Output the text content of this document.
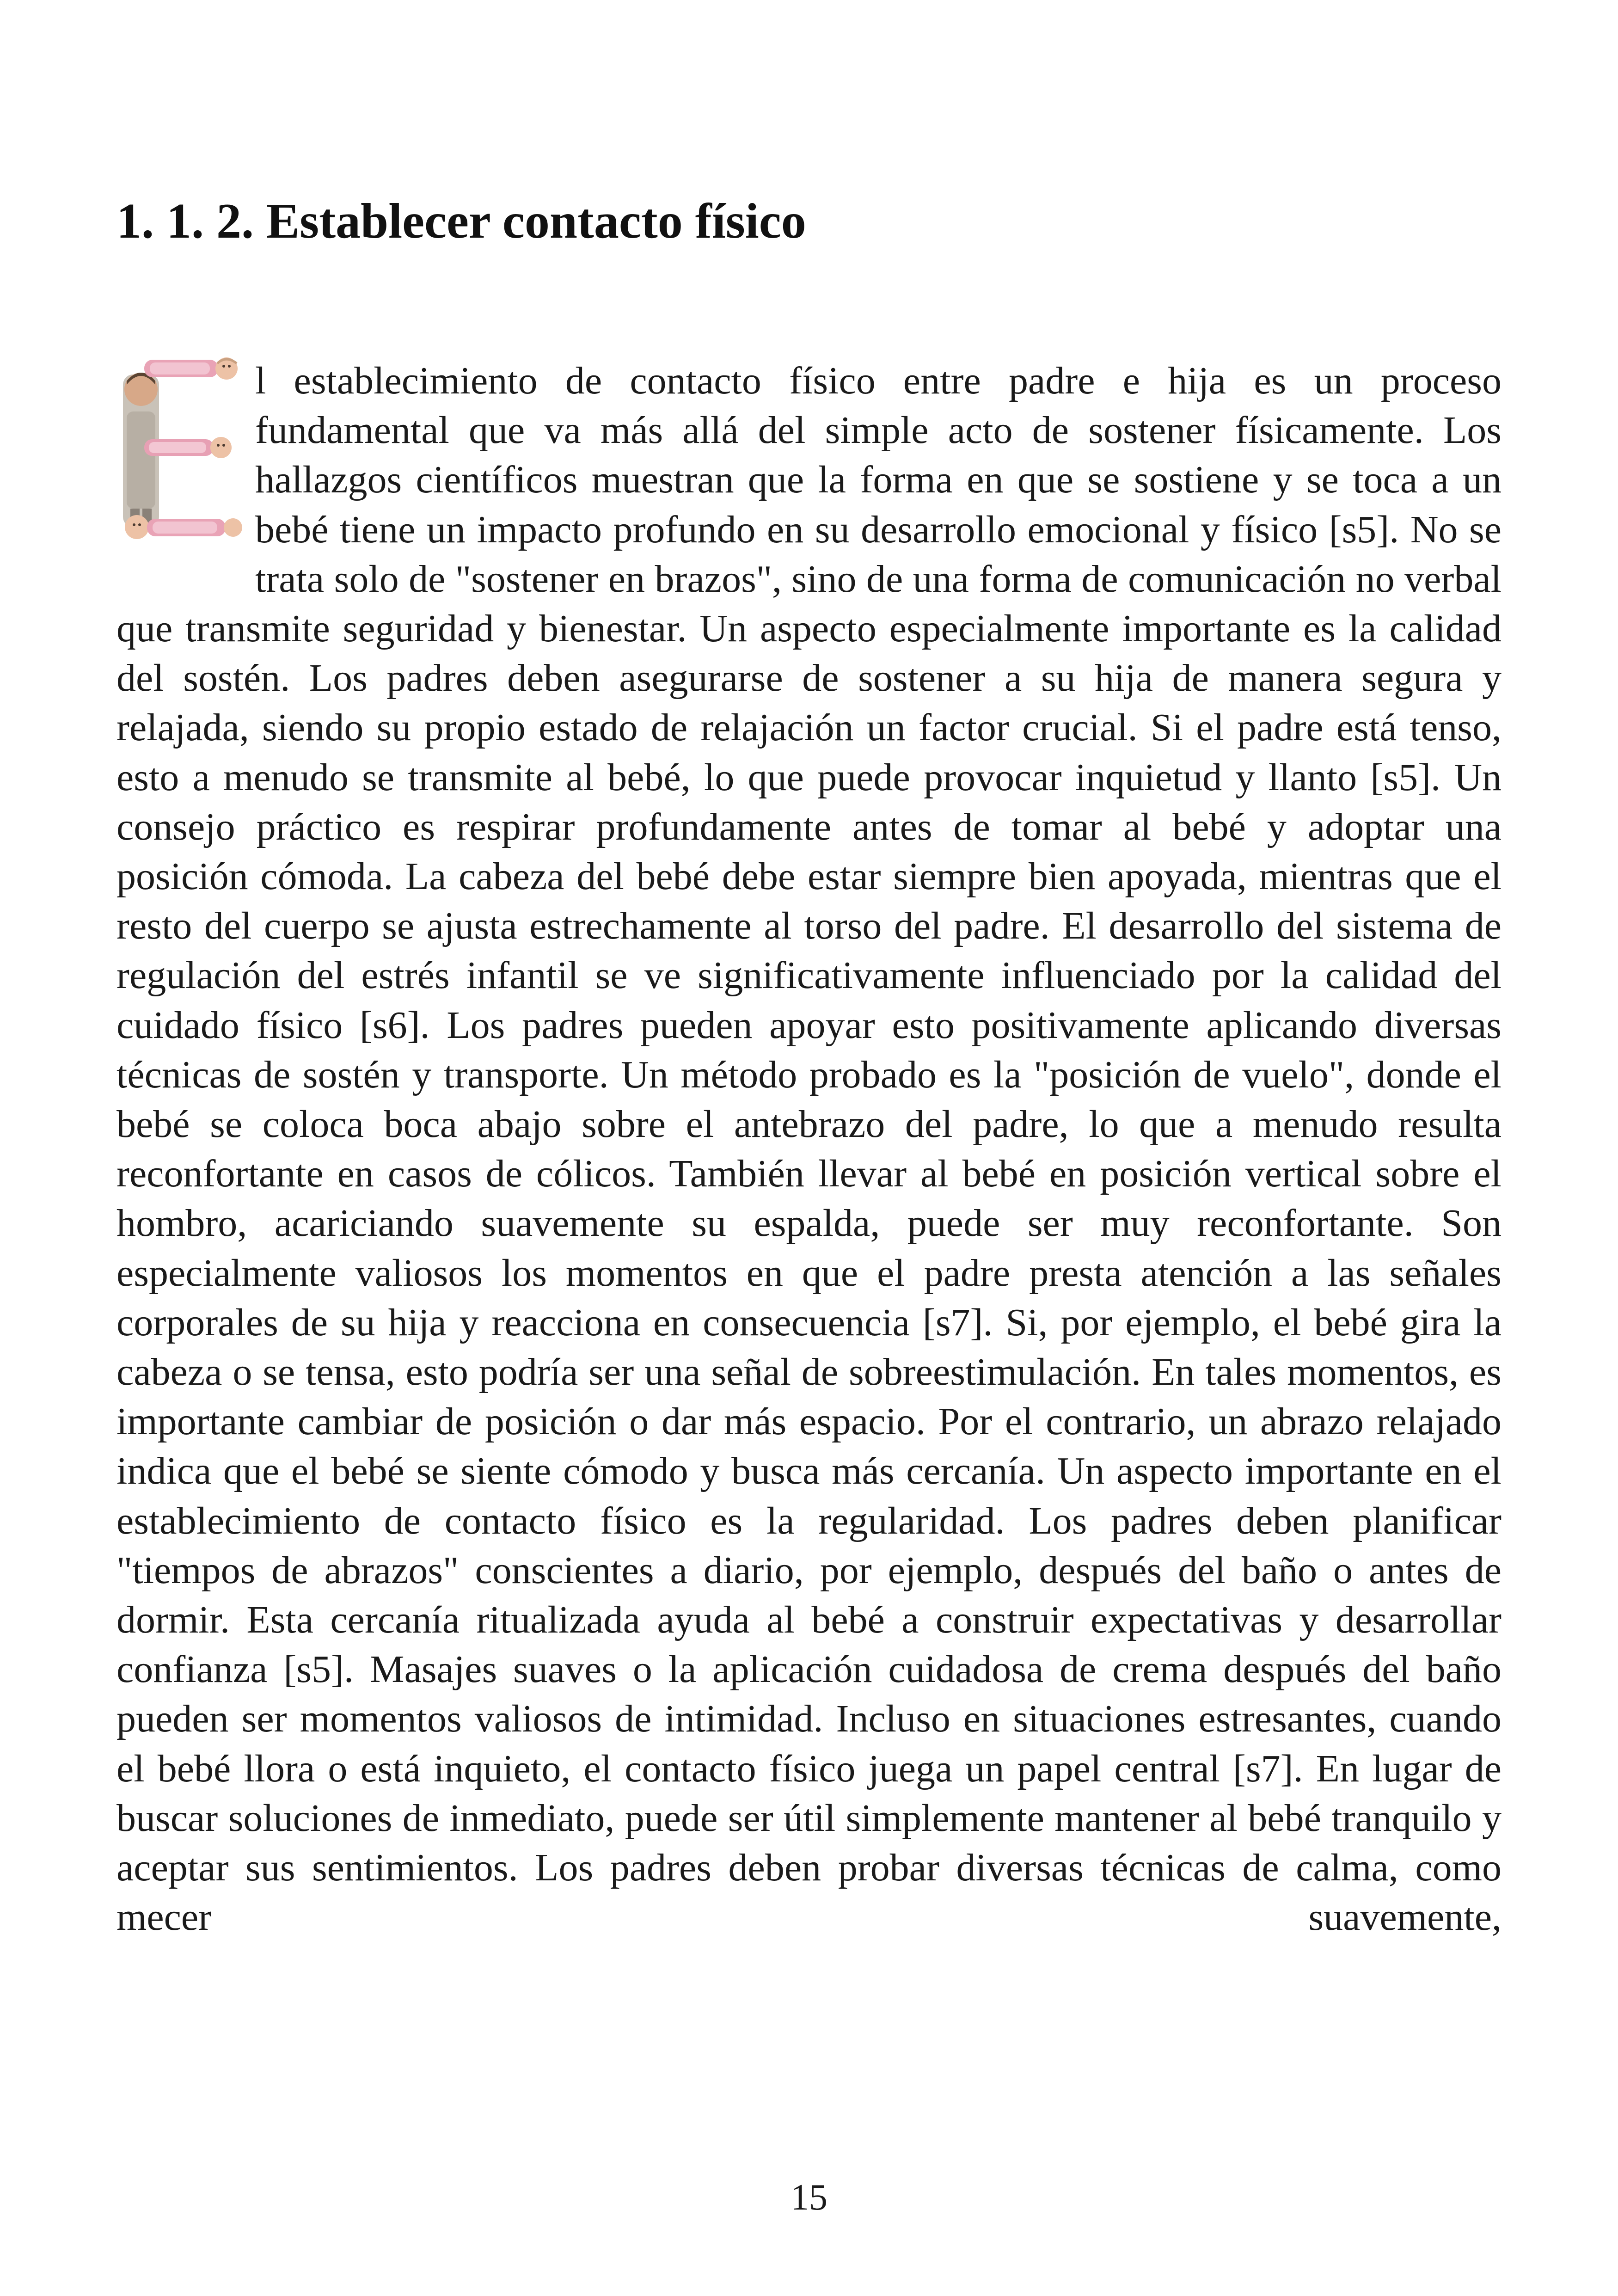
1. 1. 2. Establecer contacto físico

l establecimiento de contacto físico entre padre e hija es un proceso fundamental que va más allá del simple acto de sostener físicamente. Los hallazgos científicos muestran que la forma en que se sostiene y se toca a un bebé tiene un impacto profundo en su desarrollo emocional y físico [s5]. No se trata solo de "sostener en brazos", sino de una forma de comunicación no verbal que transmite seguridad y bienestar. Un aspecto especialmente importante es la calidad del sostén. Los padres deben asegurarse de sostener a su hija de manera segura y relajada, siendo su propio estado de relajación un factor crucial. Si el padre está tenso, esto a menudo se transmite al bebé, lo que puede provocar inquietud y llanto [s5]. Un consejo práctico es respirar profundamente antes de tomar al bebé y adoptar una posición cómoda. La cabeza del bebé debe estar siempre bien apoyada, mientras que el resto del cuerpo se ajusta estrechamente al torso del padre. El desarrollo del sistema de regulación del estrés infantil se ve significativamente influenciado por la calidad del cuidado físico [s6]. Los padres pueden apoyar esto positivamente aplicando diversas técnicas de sostén y transporte. Un método probado es la "posición de vuelo", donde el bebé se coloca boca abajo sobre el antebrazo del padre, lo que a menudo resulta reconfortante en casos de cólicos. También llevar al bebé en posición vertical sobre el hombro, acariciando suavemente su espalda, puede ser muy reconfortante. Son especialmente valiosos los momentos en que el padre presta atención a las señales corporales de su hija y reacciona en consecuencia [s7]. Si, por ejemplo, el bebé gira la cabeza o se tensa, esto podría ser una señal de sobreestimulación. En tales momentos, es importante cambiar de posición o dar más espacio. Por el contrario, un abrazo relajado indica que el bebé se siente cómodo y busca más cercanía. Un aspecto importante en el establecimiento de contacto físico es la regularidad. Los padres deben planificar "tiempos de abrazos" conscientes a diario, por ejemplo, después del baño o antes de dormir. Esta cercanía ritualizada ayuda al bebé a construir expectativas y desarrollar confianza [s5]. Masajes suaves o la aplicación cuidadosa de crema después del baño pueden ser momentos valiosos de intimidad. Incluso en situaciones estresantes, cuando el bebé llora o está inquieto, el contacto físico juega un papel central [s7]. En lugar de buscar soluciones de inmediato, puede ser útil simplemente mantener al bebé tranquilo y aceptar sus sentimientos. Los padres deben probar diversas técnicas de calma, como mecer suavemente,

15
